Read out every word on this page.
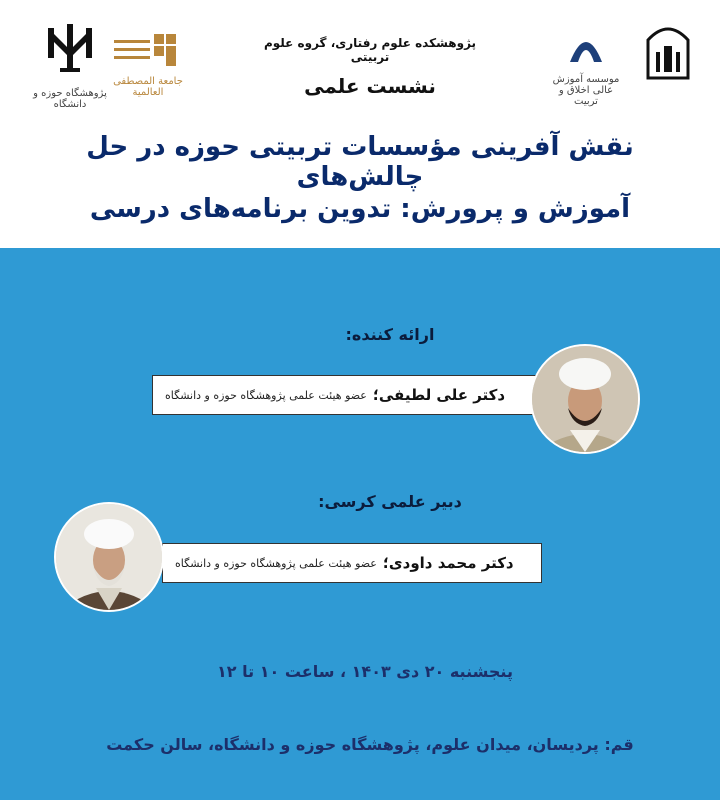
پژوهشگاه حوزه و دانشگاه
جامعة المصطفی العالمیة
موسسه آموزش عالی اخلاق و تربیت
پژوهشکده علوم رفتاری، گروه علوم تربیتی
نشست علمی
نقش آفرینی مؤسسات تربیتی حوزه در حل چالش‌های
آموزش و پرورش: تدوین برنامه‌های درسی
ارائه کننده:
دکتر علی لطیفی؛
عضو هیئت علمی پژوهشگاه حوزه و دانشگاه
دبیر علمی کرسی:
دکتر محمد داودی؛
عضو هیئت علمی پژوهشگاه حوزه و دانشگاه
پنجشنبه ۲۰ دی ۱۴۰۳ ، ساعت ۱۰ تا ۱۲
قم: پردیسان، میدان علوم، پژوهشگاه حوزه و دانشگاه، سالن حکمت
